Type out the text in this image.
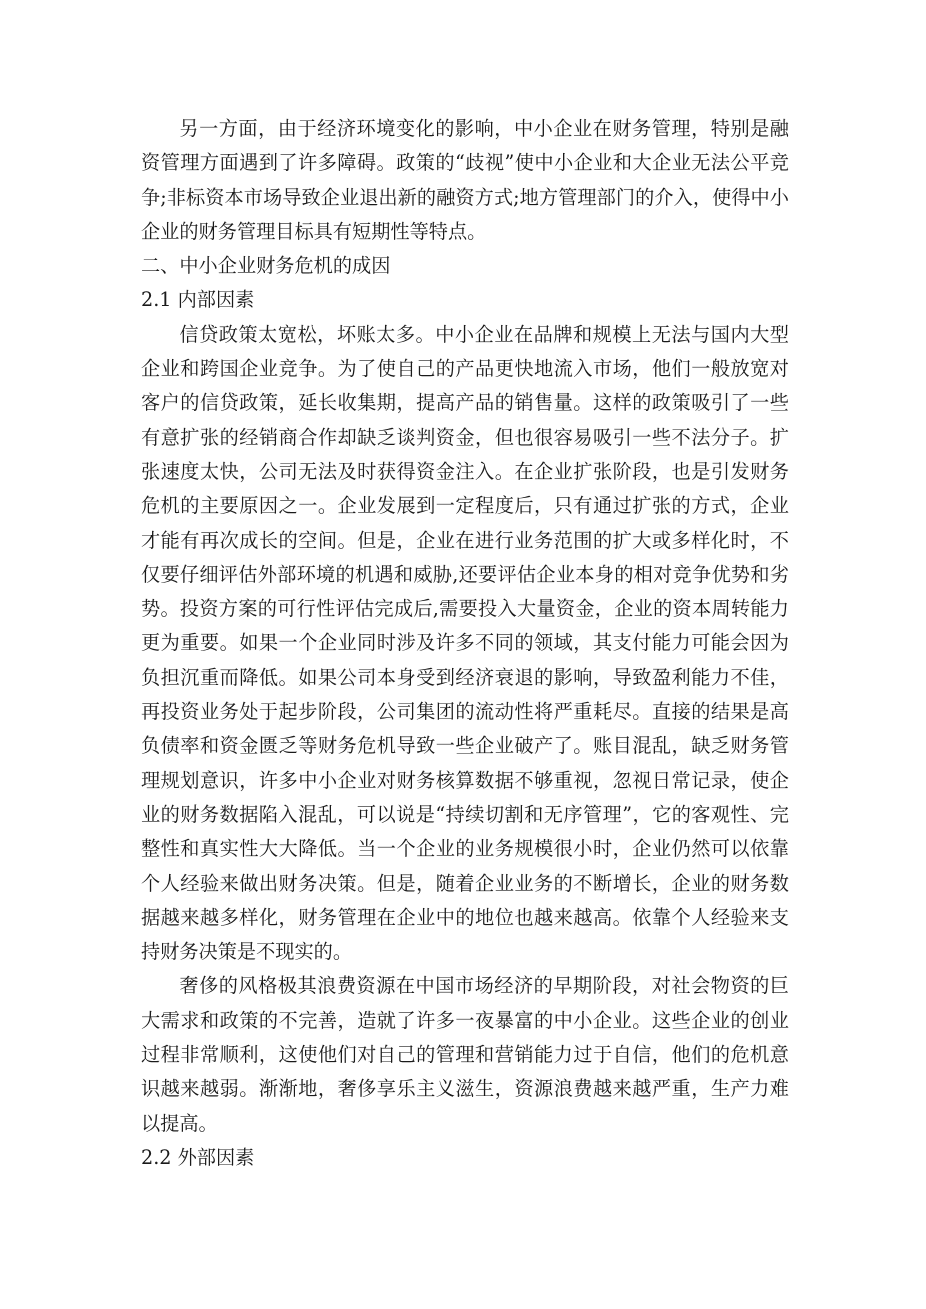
另一方面，由于经济环境变化的影响，中小企业在财务管理，特别是融资管理方面遇到了许多障碍。政策的“歧视”使中小企业和大企业无法公平竞争;非标资本市场导致企业退出新的融资方式;地方管理部门的介入，使得中小企业的财务管理目标具有短期性等特点。

二、中小企业财务危机的成因

2.1 内部因素

信贷政策太宽松，坏账太多。中小企业在品牌和规模上无法与国内大型企业和跨国企业竞争。为了使自己的产品更快地流入市场，他们一般放宽对客户的信贷政策，延长收集期，提高产品的销售量。这样的政策吸引了一些有意扩张的经销商合作却缺乏谈判资金，但也很容易吸引一些不法分子。扩张速度太快，公司无法及时获得资金注入。在企业扩张阶段，也是引发财务危机的主要原因之一。企业发展到一定程度后，只有通过扩张的方式，企业才能有再次成长的空间。但是，企业在进行业务范围的扩大或多样化时，不仅要仔细评估外部环境的机遇和威胁,还要评估企业本身的相对竞争优势和劣势。投资方案的可行性评估完成后,需要投入大量资金，企业的资本周转能力更为重要。如果一个企业同时涉及许多不同的领域，其支付能力可能会因为负担沉重而降低。如果公司本身受到经济衰退的影响，导致盈利能力不佳，再投资业务处于起步阶段，公司集团的流动性将严重耗尽。直接的结果是高负债率和资金匮乏等财务危机导致一些企业破产了。账目混乱，缺乏财务管理规划意识，许多中小企业对财务核算数据不够重视，忽视日常记录，使企业的财务数据陷入混乱，可以说是“持续切割和无序管理”，它的客观性、完整性和真实性大大降低。当一个企业的业务规模很小时，企业仍然可以依靠个人经验来做出财务决策。但是，随着企业业务的不断增长，企业的财务数据越来越多样化，财务管理在企业中的地位也越来越高。依靠个人经验来支持财务决策是不现实的。

奢侈的风格极其浪费资源在中国市场经济的早期阶段，对社会物资的巨大需求和政策的不完善，造就了许多一夜暴富的中小企业。这些企业的创业过程非常顺利，这使他们对自己的管理和营销能力过于自信，他们的危机意识越来越弱。渐渐地，奢侈享乐主义滋生，资源浪费越来越严重，生产力难以提高。

2.2 外部因素
